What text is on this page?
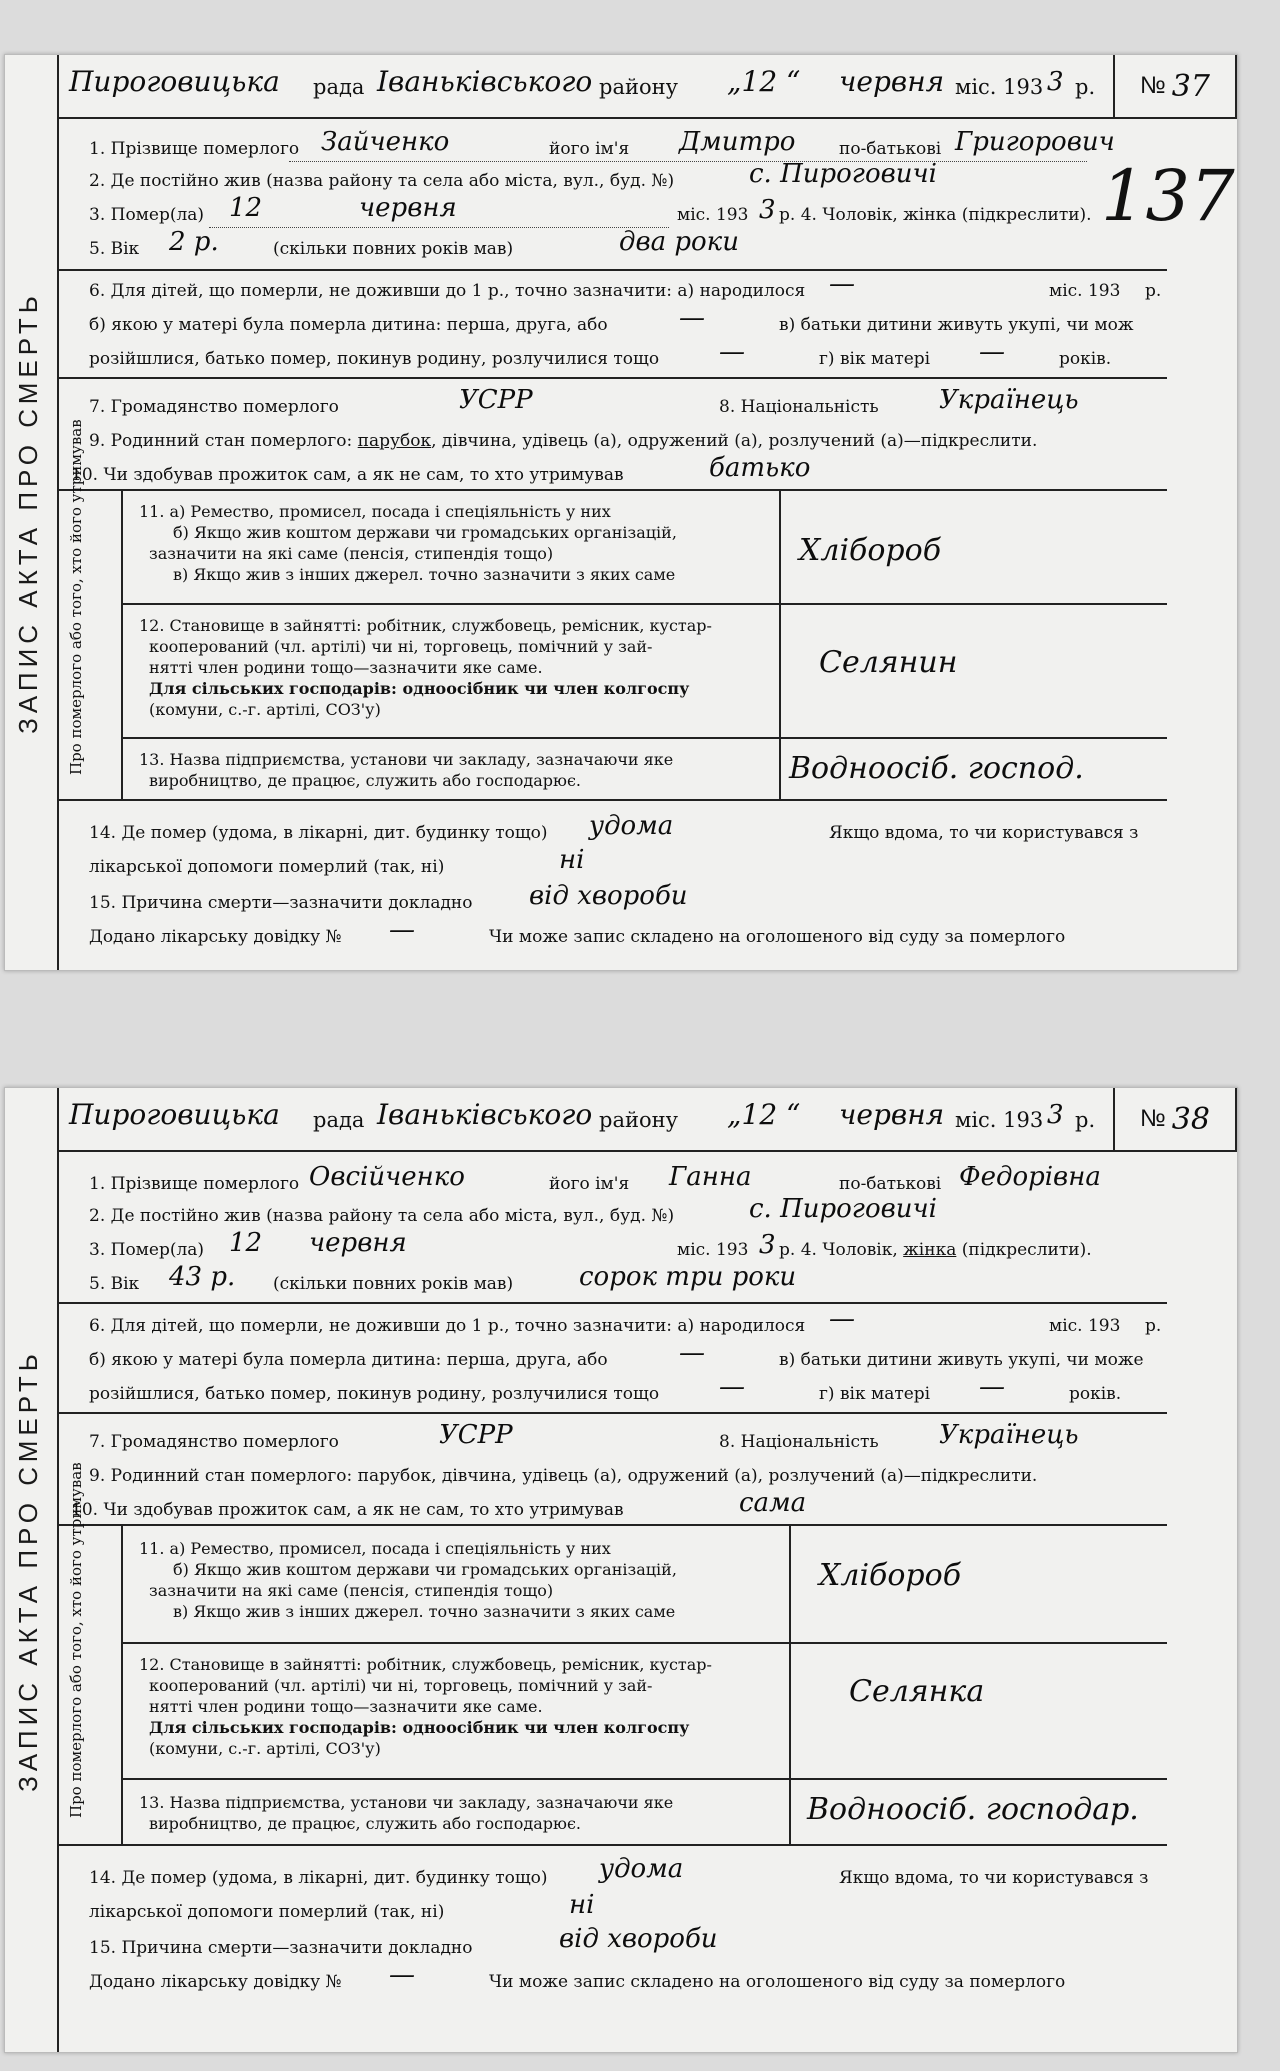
ЗАПИС АКТА ПРО СМЕРТЬ
Пироговицька рада Іваньківського району „12 “ червня міс. 193 3 р. № 37
137
1. Прізвище померлого Зайченко	його ім'я Дмитро	по-батькові Григорович
2. Де постійно жив (назва району та села або міста, вул., буд. №)	с. Пироговичі
3. Помер(ла) 12	червня	міс. 193 3 р. 4. Чоловік, жінка (підкреслити).
5. Вік 2 р.	(скільки повних років мав)	два роки
6. Для дітей, що померли, не доживши до 1 р., точно зазначити: а) народилося —	міс. 193 р.
б) якою у матері була померла дитина: перша, друга, або	—	в) батьки дитини живуть укупі, чи мож
розійшлися, батько помер, покинув родину, розлучилися тощо —	г) вік матері —	років.
7. Громадянство померлого	УСРР	8. Національність Українець
9. Родинний стан померлого: парубок, дівчина, удівець (а), одружений (а), розлучений (а)—підкреслити.
10. Чи здобував прожиток сам, а як не сам, то хто утримував	батько
Про померлого або того, хто його утримував	11. а) Ремество, промисел, посада і спеціяльність у них
б) Якщо жив коштом держави чи громадських організацій,
зазначити на які саме (пенсія, стипендія тощо)
в) Якщо жив з інших джерел. точно зазначити з яких саме
Хлібороб
12. Становище в зайнятті: робітник, службовець, ремісник, кустар-
кооперований (чл. артілі) чи ні, торговець, помічний у зай-
нятті член родини тощо—зазначити яке саме.
Для сільських господарів: одноосібник чи член колгоспу
(комуни, с.-г. артілі, СОЗ'у)
Селянин
13. Назва підприємства, установи чи закладу, зазначаючи яке
виробництво, де працює, служить або господарює.	Водноосіб. господ.
14. Де помер (удома, в лікарні, дит. будинку тощо) удома	Якщо вдома, то чи користувався з
лікарської допомоги померлий (так, ні)	ні
15. Причина смерти—зазначити докладно від хвороби
Додано лікарську довідку № —	Чи може запис складено на оголошеного від суду за померлого
ЗАПИС АКТА ПРО СМЕРТЬ
Пироговицька рада Іваньківського району „12 “ червня міс. 193 3 р. № 38
1. Прізвище померлого Овсійченко	його ім'я Ганна	по-батькові Федорівна
2. Де постійно жив (назва району та села або міста, вул., буд. №)	с. Пироговичі
3. Помер(ла) 12 червня	міс. 193 3 р. 4. Чоловік, жінка (підкреслити).
5. Вік 43 р. (скільки повних років мав)	сорок три роки
6. Для дітей, що померли, не доживши до 1 р., точно зазначити: а) народилося —	міс. 193 р.
б) якою у матері була померла дитина: перша, друга, або	—	в) батьки дитини живуть укупі, чи може
розійшлися, батько помер, покинув родину, розлучилися тощо —	г) вік матері —	років.
7. Громадянство померлого	УСРР	8. Національність Українець
9. Родинний стан померлого: парубок, дівчина, удівець (а), одружений (а), розлучений (а)—підкреслити.
10. Чи здобував прожиток сам, а як не сам, то хто утримував	сама
Про померлого або того, хто його утримував	11. а) Ремество, промисел, посада і спеціяльність у них
б) Якщо жив коштом держави чи громадських організацій,
зазначити на які саме (пенсія, стипендія тощо)
в) Якщо жив з інших джерел. точно зазначити з яких саме
Хлібороб
12. Становище в зайнятті: робітник, службовець, ремісник, кустар-
кооперований (чл. артілі) чи ні, торговець, помічний у зай-
нятті член родини тощо—зазначити яке саме.
Для сільських господарів: одноосібник чи член колгоспу
(комуни, с.-г. артілі, СОЗ'у)
Селянка
13. Назва підприємства, установи чи закладу, зазначаючи яке
виробництво, де працює, служить або господарює.	Водноосіб. господар.
14. Де помер (удома, в лікарні, дит. будинку тощо) удома	Якщо вдома, то чи користувався з
лікарської допомоги померлий (так, ні)	ні
15. Причина смерти—зазначити докладно	від хвороби
Додано лікарську довідку № —	Чи може запис складено на оголошеного від суду за померлого
